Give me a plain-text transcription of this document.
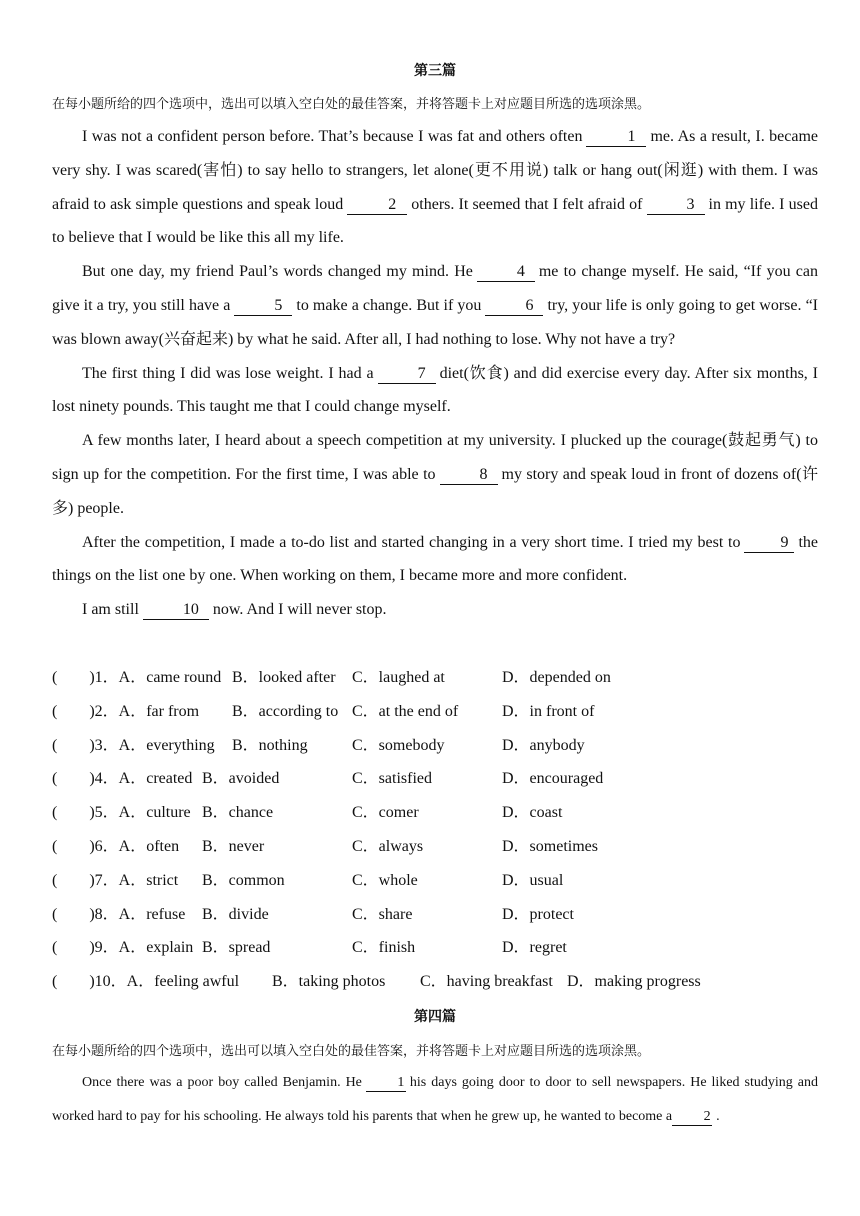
第三篇
在每小题所给的四个选项中，选出可以填入空白处的最佳答案，并将答题卡上对应题目所选的选项涂黑。

I was not a confident person before. That’s because I was fat and others often	1 me. As a result, I. became very shy. I was scared(害怕) to say hello to strangers, let alone(更不用说) talk or hang out(闲逛) with them. I was afraid to ask simple questions and speak loud	2 others. It seemed that I felt afraid of	3 in my life. I used to believe that I would be like this all my life.

But one day, my friend Paul’s words changed my mind. He	4 me to change myself. He said, “If you can give it a try, you still have a	5 to make a change. But if you	6 try, your life is only going to get worse. “I was blown away(兴奋起来) by what he said. After all, I had nothing to lose. Why not have a try?

The first thing I did was lose weight. I had a	7 diet(饮食) and did exercise every day. After six months, I lost ninety pounds. This taught me that I could change myself.

A few months later, I heard about a speech competition at my university. I plucked up the courage(鼓起勇气) to sign up for the competition. For the first time, I was able to	8 my story and speak loud in front of dozens of(许多) people.

After the competition, I made a to-do list and started changing in a very short time. I tried my best to	9 the things on the list one by one. When working on them, I became more and more confident.

I am still	10 now. And I will never stop.

(　　)1．A．came round B．looked after C．laughed at	D．depended on
(　　)2．A．far from B．according to C．at the end of	D．in front of
(　　)3．A．everything B．nothing	C．somebody	D．anybody
(　　)4．A．created B．avoided	C．satisfied	D．encouraged
(　　)5．A．culture B．chance	C．comer	D．coast
(　　)6．A．often B．never	C．always	D．sometimes
(　　)7．A．strict B．common	C．whole	D．usual
(　　)8．A．refuse B．divide	C．share	D．protect
(　　)9．A．explain B．spread	C．finish	D．regret
(　　)10．A．feeling awful B．taking photos C．having breakfast D．making progress
第四篇
在每小题所给的四个选项中，选出可以填入空白处的最佳答案，并将答题卡上对应题目所选的选项涂黑。

Once there was a poor boy called Benjamin. He	1 his days going door to door to sell newspapers. He liked studying and worked hard to pay for his schooling. He always told his parents that when he grew up, he wanted to become a 2 .
